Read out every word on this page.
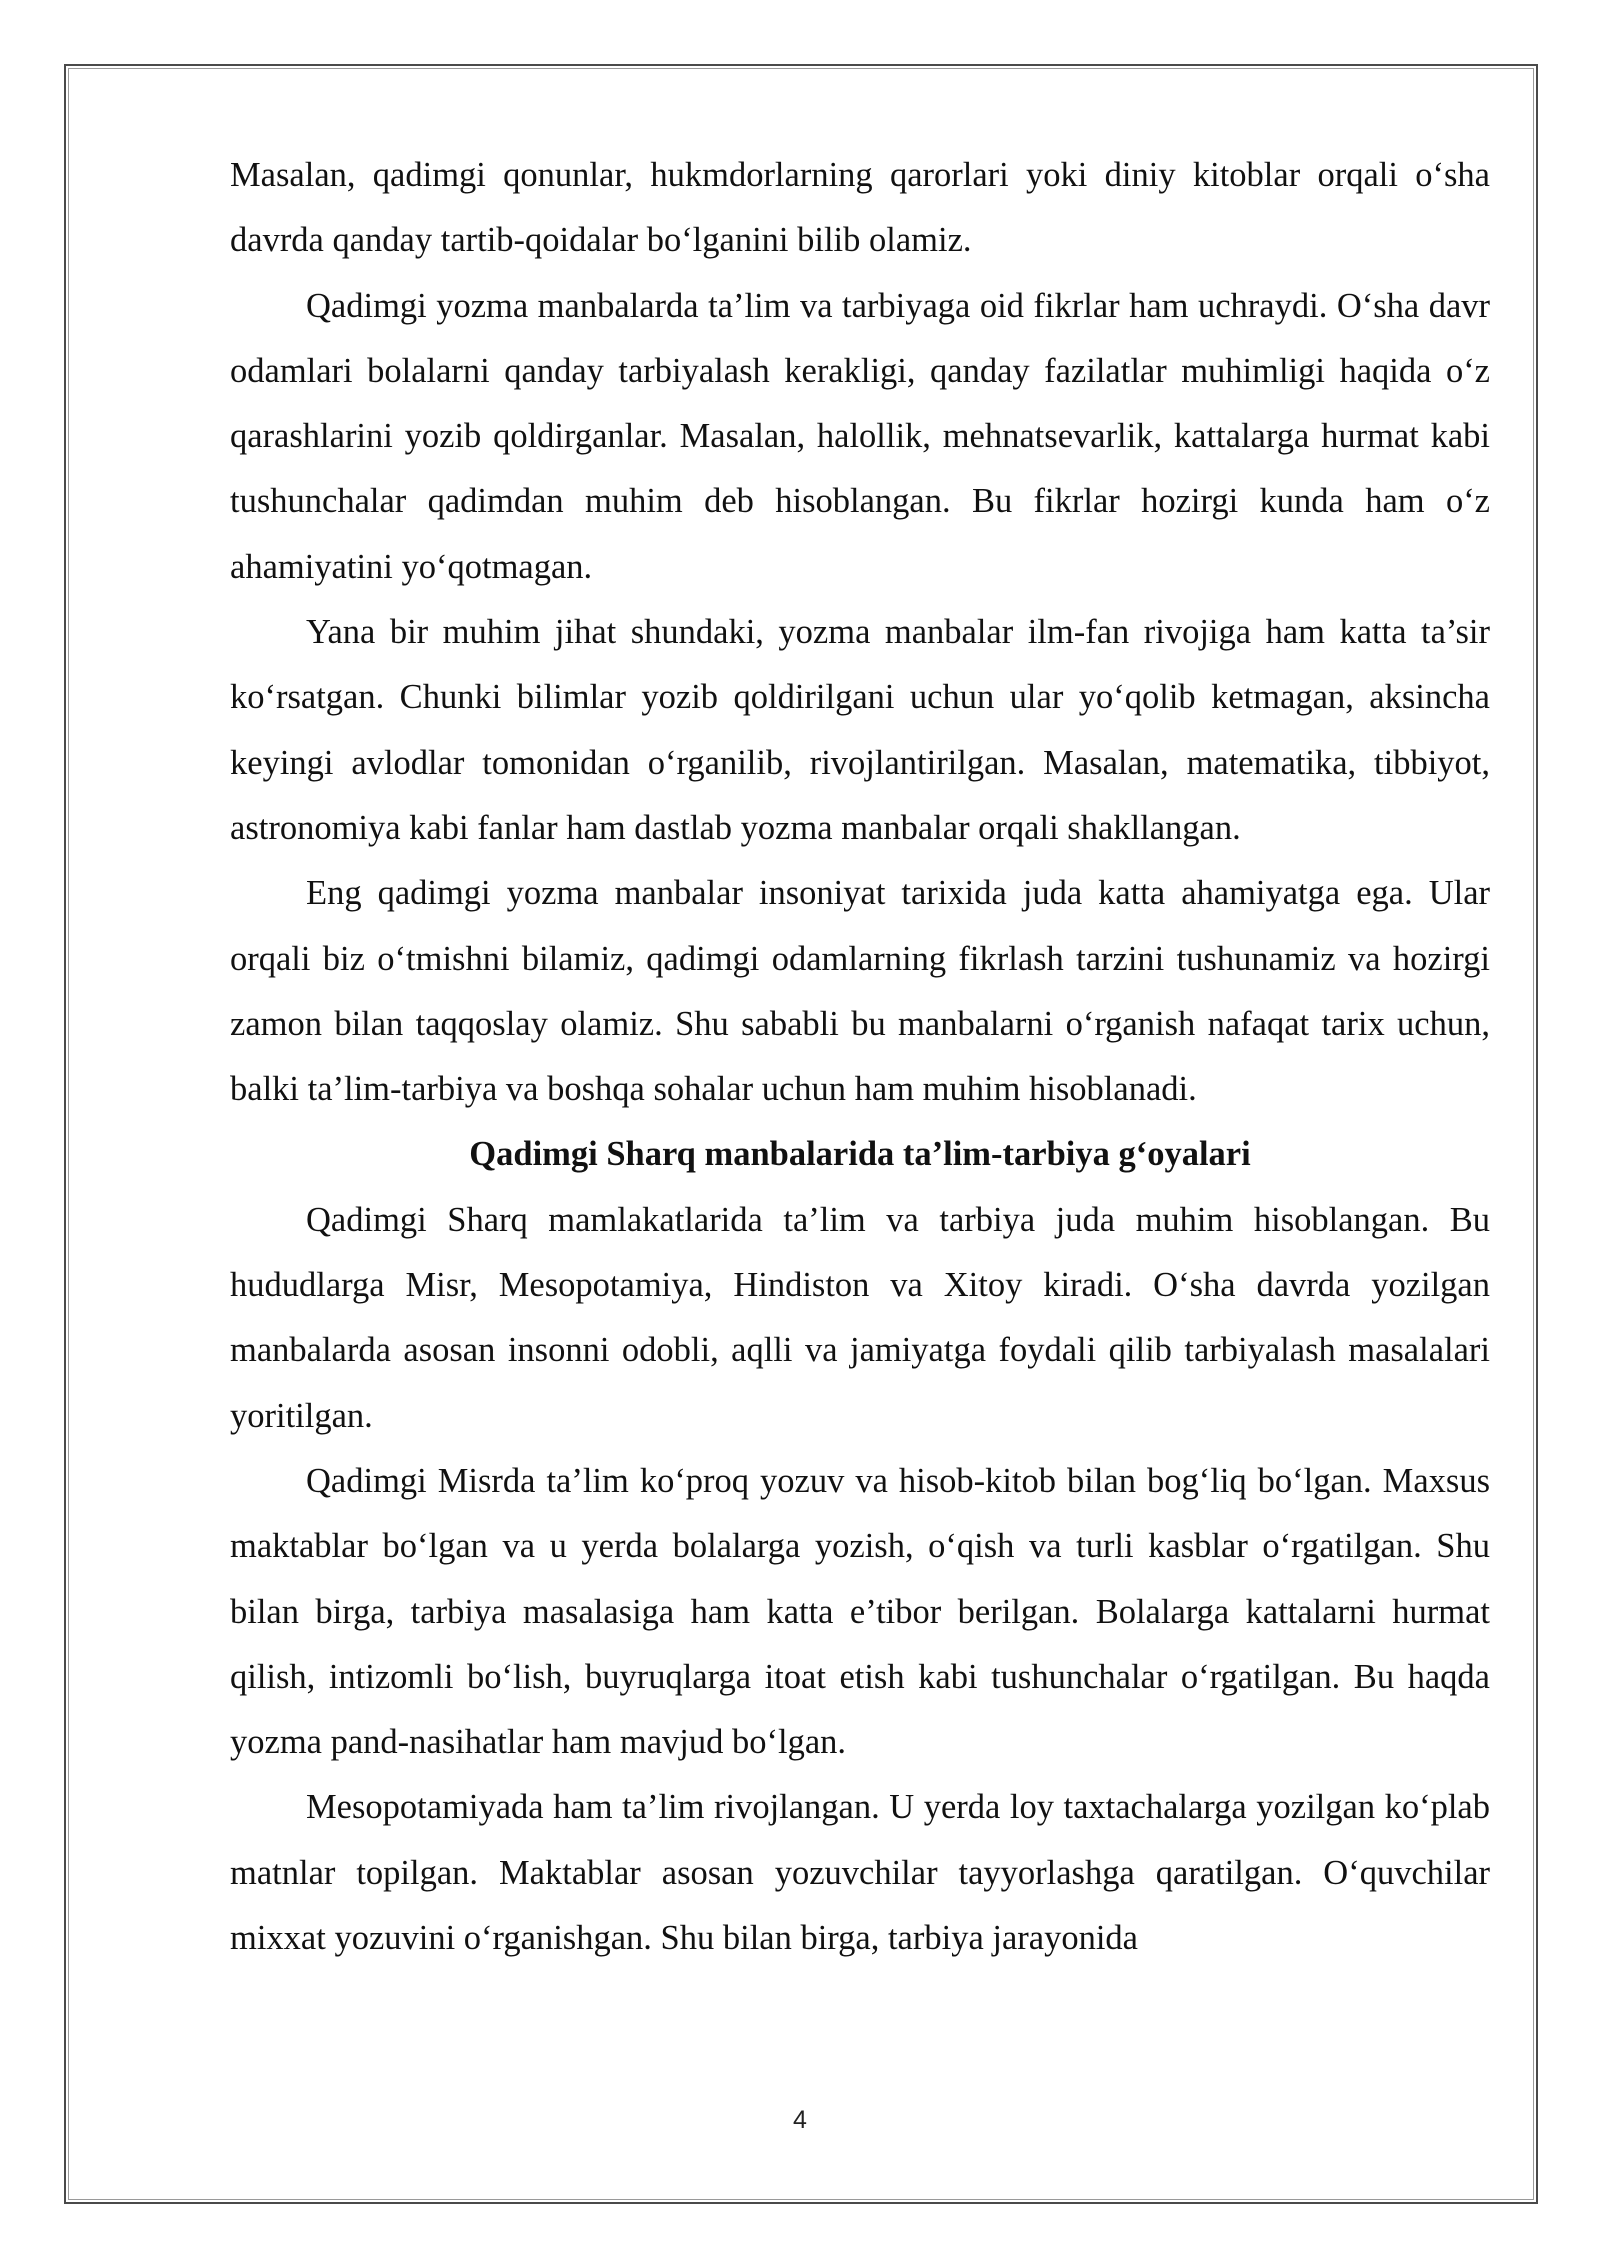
Masalan, qadimgi qonunlar, hukmdorlarning qarorlari yoki diniy kitoblar orqali o‘sha davrda qanday tartib-qoidalar bo‘lganini bilib olamiz.

Qadimgi yozma manbalarda ta’lim va tarbiyaga oid fikrlar ham uchraydi. O‘sha davr odamlari bolalarni qanday tarbiyalash kerakligi, qanday fazilatlar muhimligi haqida o‘z qarashlarini yozib qoldirganlar. Masalan, halollik, mehnatsevarlik, kattalarga hurmat kabi tushunchalar qadimdan muhim deb hisoblangan. Bu fikrlar hozirgi kunda ham o‘z ahamiyatini yo‘qotmagan.

Yana bir muhim jihat shundaki, yozma manbalar ilm-fan rivojiga ham katta ta’sir ko‘rsatgan. Chunki bilimlar yozib qoldirilgani uchun ular yo‘qolib ketmagan, aksincha keyingi avlodlar tomonidan o‘rganilib, rivojlantirilgan. Masalan, matematika, tibbiyot, astronomiya kabi fanlar ham dastlab yozma manbalar orqali shakllangan.

Eng qadimgi yozma manbalar insoniyat tarixida juda katta ahamiyatga ega. Ular orqali biz o‘tmishni bilamiz, qadimgi odamlarning fikrlash tarzini tushunamiz va hozirgi zamon bilan taqqoslay olamiz. Shu sababli bu manbalarni o‘rganish nafaqat tarix uchun, balki ta’lim-tarbiya va boshqa sohalar uchun ham muhim hisoblanadi.

Qadimgi Sharq manbalarida ta’lim-tarbiya g‘oyalari

Qadimgi Sharq mamlakatlarida ta’lim va tarbiya juda muhim hisoblangan. Bu hududlarga Misr, Mesopotamiya, Hindiston va Xitoy kiradi. O‘sha davrda yozilgan manbalarda asosan insonni odobli, aqlli va jamiyatga foydali qilib tarbiyalash masalalari yoritilgan.

Qadimgi Misrda ta’lim ko‘proq yozuv va hisob-kitob bilan bog‘liq bo‘lgan. Maxsus maktablar bo‘lgan va u yerda bolalarga yozish, o‘qish va turli kasblar o‘rgatilgan. Shu bilan birga, tarbiya masalasiga ham katta e’tibor berilgan. Bolalarga kattalarni hurmat qilish, intizomli bo‘lish, buyruqlarga itoat etish kabi tushunchalar o‘rgatilgan. Bu haqda yozma pand-nasihatlar ham mavjud bo‘lgan.

Mesopotamiyada ham ta’lim rivojlangan. U yerda loy taxtachalarga yozilgan ko‘plab matnlar topilgan. Maktablar asosan yozuvchilar tayyorlashga qaratilgan. O‘quvchilar mixxat yozuvini o‘rganishgan. Shu bilan birga, tarbiya jarayonida

4
